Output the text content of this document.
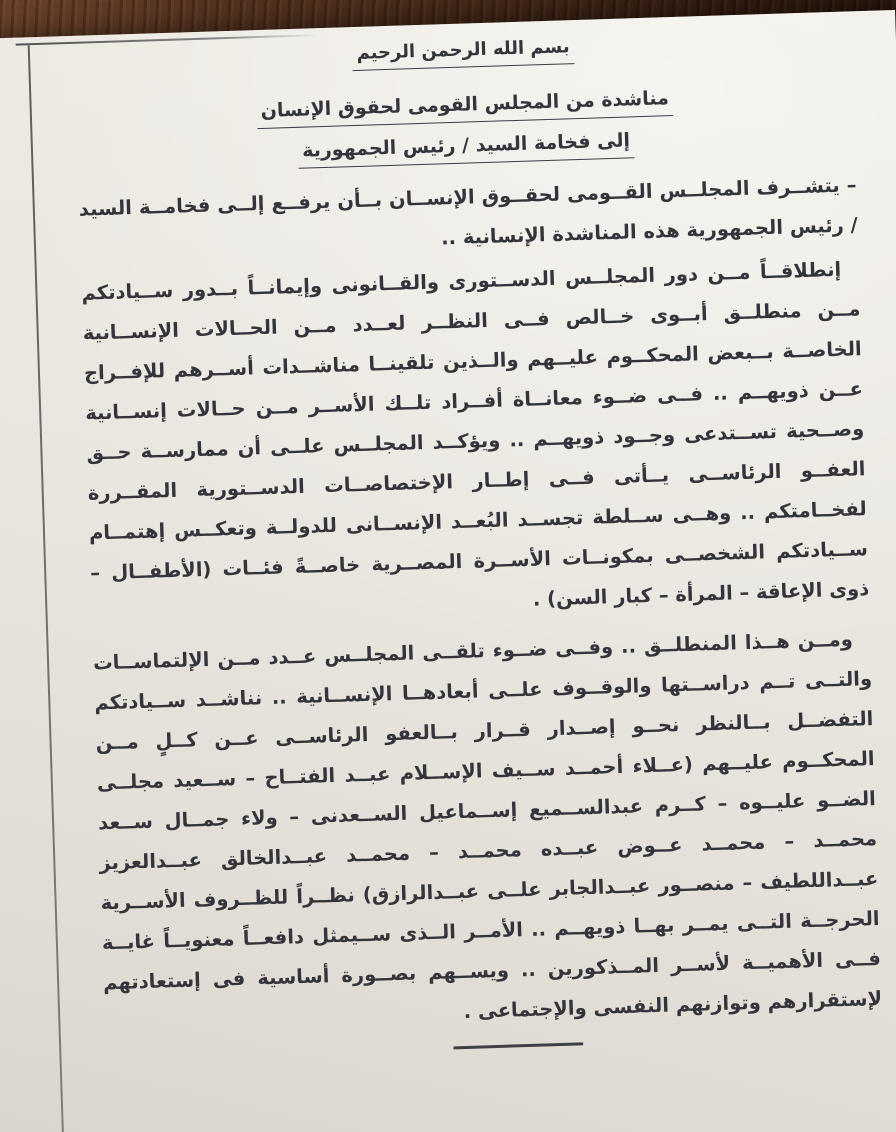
بسم الله الرحمن الرحيم
مناشدة من المجلس القومى لحقوق الإنسان
إلى فخامة السيد / رئيس الجمهورية

– يتشــرف المجلــس القــومى لحقــوق الإنســان بــأن يرفــع إلــى فخامــة السيد / رئيس الجمهورية هذه المناشدة الإنسانية ..

إنطلاقــاً مــن دور المجلــس الدســتورى والقــانونى وإيمانــاً بــدور ســيادتكم مــن منطلــق أبــوى خــالص فــى النظــر لعــدد مــن الحــالات الإنســانية الخاصــة بــبعض المحكــوم عليــهم والــذين تلقينــا مناشــدات أســرهم للإفــراج عــن ذويهــم .. فــى ضــوء معانــاة أفــراد تلــك الأســر مــن حــالات إنســانية وصــحية تســتدعى وجــود ذويهــم .. ويؤكــد المجلــس علــى أن ممارســة حــق العفــو الرئاســى يــأتى فــى إطــار الإختصاصــات الدســتورية المقــررة لفخــامتكم .. وهــى ســلطة تجســد البُعــد الإنســانى للدولــة وتعكــس إهتمــام ســيادتكم الشخصــى بمكونــات الأســرة المصــرية خاصــةً فئــات (الأطفــال – ذوى الإعاقة – المرأة – كبار السن) .

ومــن هــذا المنطلــق .. وفــى ضــوء تلقــى المجلــس عــدد مــن الإلتماســات والتــى تــم دراســتها والوقــوف علــى أبعادهــا الإنســانية .. نناشــد ســيادتكم التفضــل بــالنظر نحــو إصــدار قــرار بــالعفو الرئاســى عــن كــلٍ مــن المحكــوم عليــهم (عــلاء أحمــد ســيف الإســلام عبــد الفتــاح – ســعيد مجلــى الضــو عليــوه – كــرم عبدالســميع إســماعيل الســعدنى – ولاء جمــال ســعد محمــد – محمــد عــوض عبــده محمــد – محمــد عبــدالخالق عبــدالعزيز عبــداللطيف – منصــور عبــدالجابر علــى عبــدالرازق) نظــراً للظــروف الأســرية الحرجــة التــى يمــر بهــا ذويهــم .. الأمــر الــذى ســيمثل دافعــاً معنويــاً غايــة فــى الأهميــة لأســر المــذكورين .. ويســهم بصــورة أساسية فى إستعادتهم لإستقرارهم وتوازنهم النفسى والإجتماعى .
